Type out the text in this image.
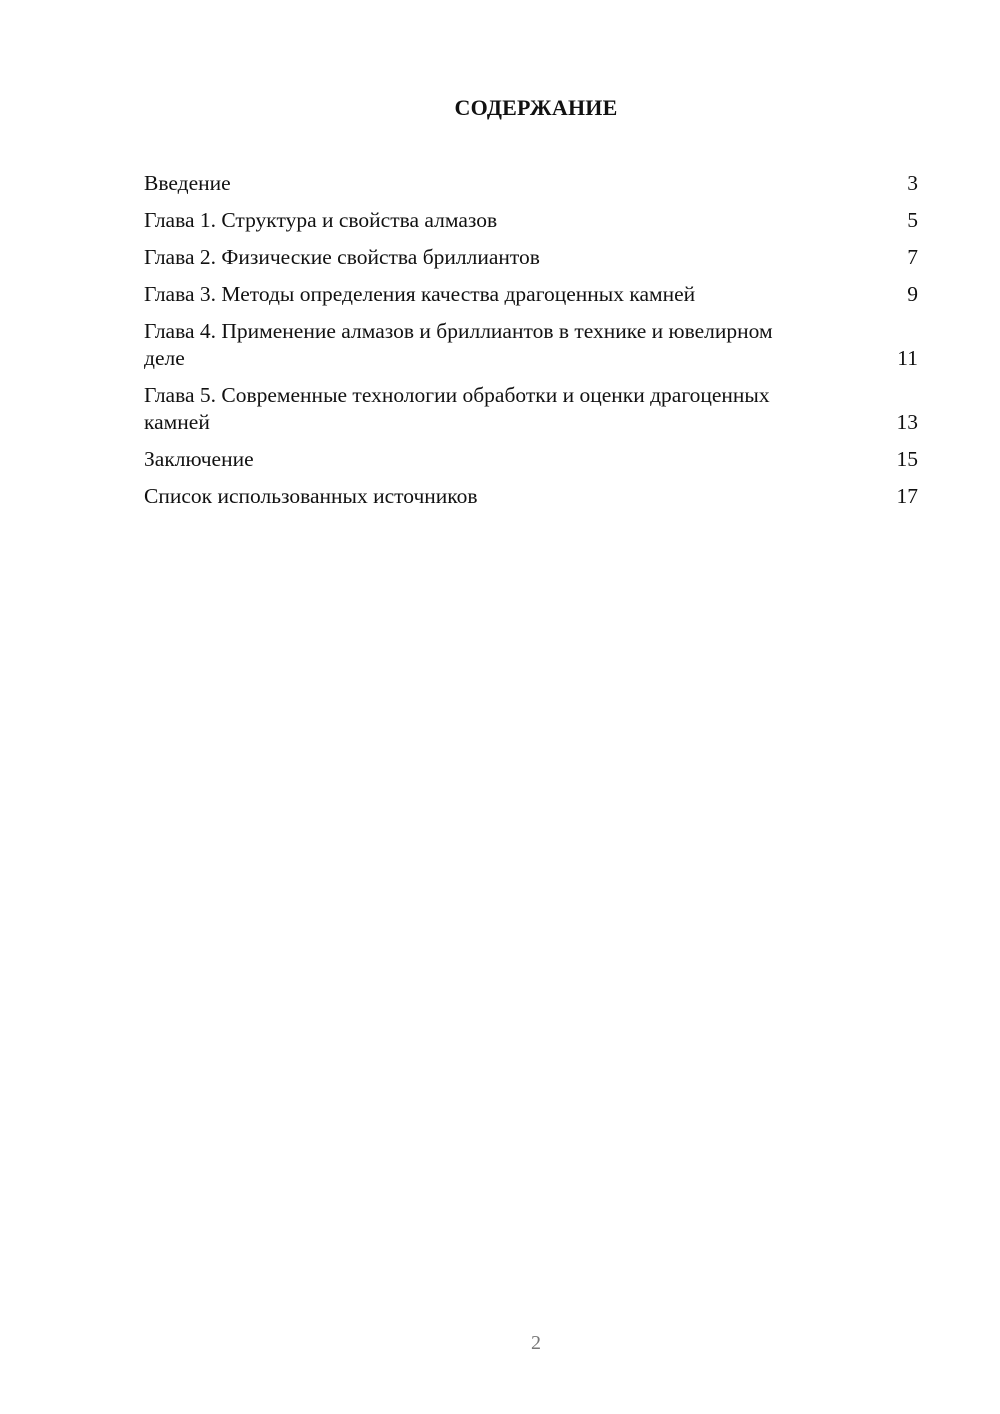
СОДЕРЖАНИЕ
Введение	3
Глава 1. Структура и свойства алмазов	5
Глава 2. Физические свойства бриллиантов	7
Глава 3. Методы определения качества драгоценных камней	9
Глава 4. Применение алмазов и бриллиантов в технике и ювелирном деле	11
Глава 5. Современные технологии обработки и оценки драгоценных камней	13
Заключение	15
Список использованных источников	17
2
